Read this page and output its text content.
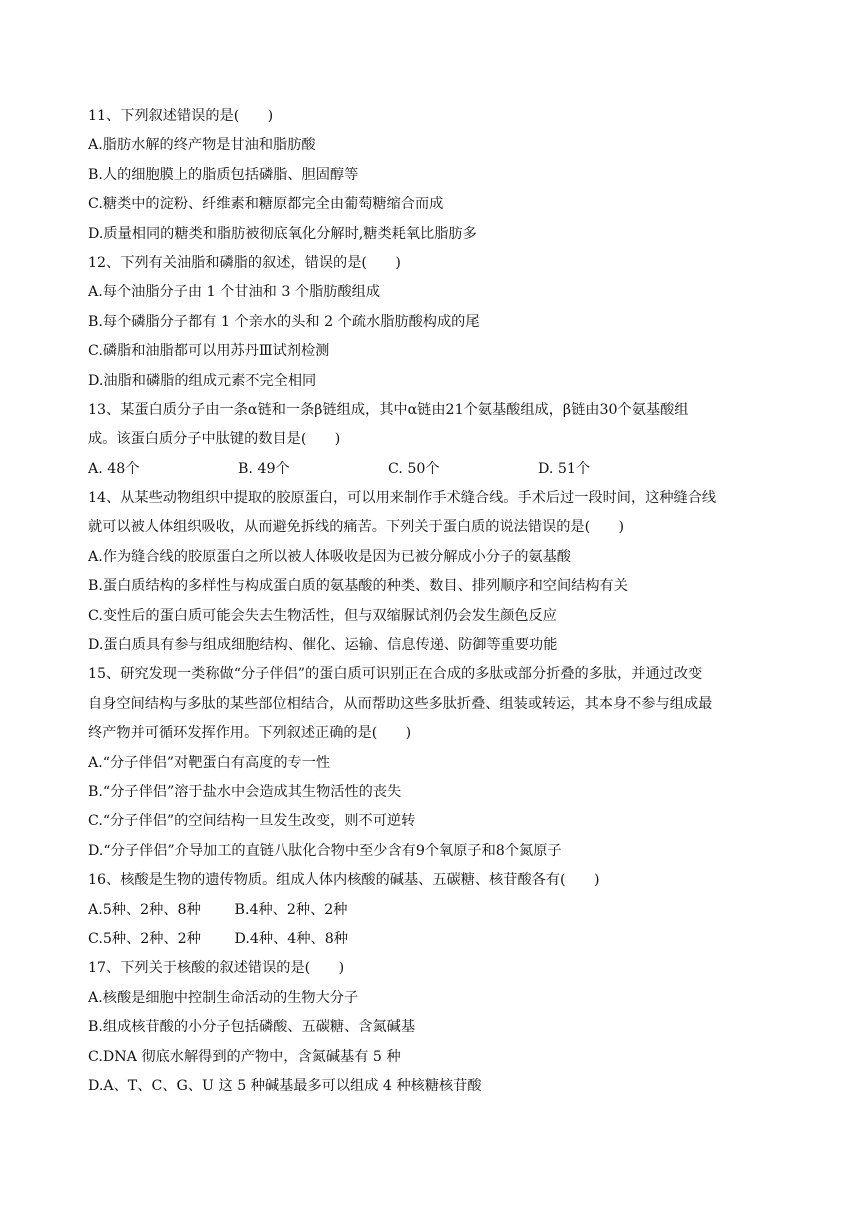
11、下列叙述错误的是(　　)
A.脂肪水解的终产物是甘油和脂肪酸
B.人的细胞膜上的脂质包括磷脂、胆固醇等
C.糖类中的淀粉、纤维素和糖原都完全由葡萄糖缩合而成
D.质量相同的糖类和脂肪被彻底氧化分解时,糖类耗氧比脂肪多
12、下列有关油脂和磷脂的叙述，错误的是(　　)
A.每个油脂分子由 1 个甘油和 3 个脂肪酸组成
B.每个磷脂分子都有 1 个亲水的头和 2 个疏水脂肪酸构成的尾
C.磷脂和油脂都可以用苏丹Ⅲ试剂检测
D.油脂和磷脂的组成元素不完全相同
13、某蛋白质分子由一条α链和一条β链组成，其中α链由21个氨基酸组成，β链由30个氨基酸组
成。该蛋白质分子中肽键的数目是(　　)
A. 48个	B. 49个	C. 50个	D. 51个
14、从某些动物组织中提取的胶原蛋白，可以用来制作手术缝合线。手术后过一段时间，这种缝合线
就可以被人体组织吸收，从而避免拆线的痛苦。下列关于蛋白质的说法错误的是(　　)
A.作为缝合线的胶原蛋白之所以被人体吸收是因为已被分解成小分子的氨基酸
B.蛋白质结构的多样性与构成蛋白质的氨基酸的种类、数目、排列顺序和空间结构有关
C.变性后的蛋白质可能会失去生物活性，但与双缩脲试剂仍会发生颜色反应
D.蛋白质具有参与组成细胞结构、催化、运输、信息传递、防御等重要功能
15、研究发现一类称做“分子伴侣”的蛋白质可识别正在合成的多肽或部分折叠的多肽，并通过改变
自身空间结构与多肽的某些部位相结合，从而帮助这些多肽折叠、组装或转运，其本身不参与组成最
终产物并可循环发挥作用。下列叙述正确的是(　　)
A.“分子伴侣”对靶蛋白有高度的专一性
B.“分子伴侣”溶于盐水中会造成其生物活性的丧失
C.“分子伴侣”的空间结构一旦发生改变，则不可逆转
D.“分子伴侣”介导加工的直链八肽化合物中至少含有9个氧原子和8个氮原子
16、核酸是生物的遗传物质。组成人体内核酸的碱基、五碳糖、核苷酸各有(　　)
A.5种、2种、8种 B.4种、2种、2种
C.5种、2种、2种 D.4种、4种、8种
17、下列关于核酸的叙述错误的是(　　)
A.核酸是细胞中控制生命活动的生物大分子
B.组成核苷酸的小分子包括磷酸、五碳糖、含氮碱基
C.DNA 彻底水解得到的产物中，含氮碱基有 5 种
D.A、T、C、G、U 这 5 种碱基最多可以组成 4 种核糖核苷酸
